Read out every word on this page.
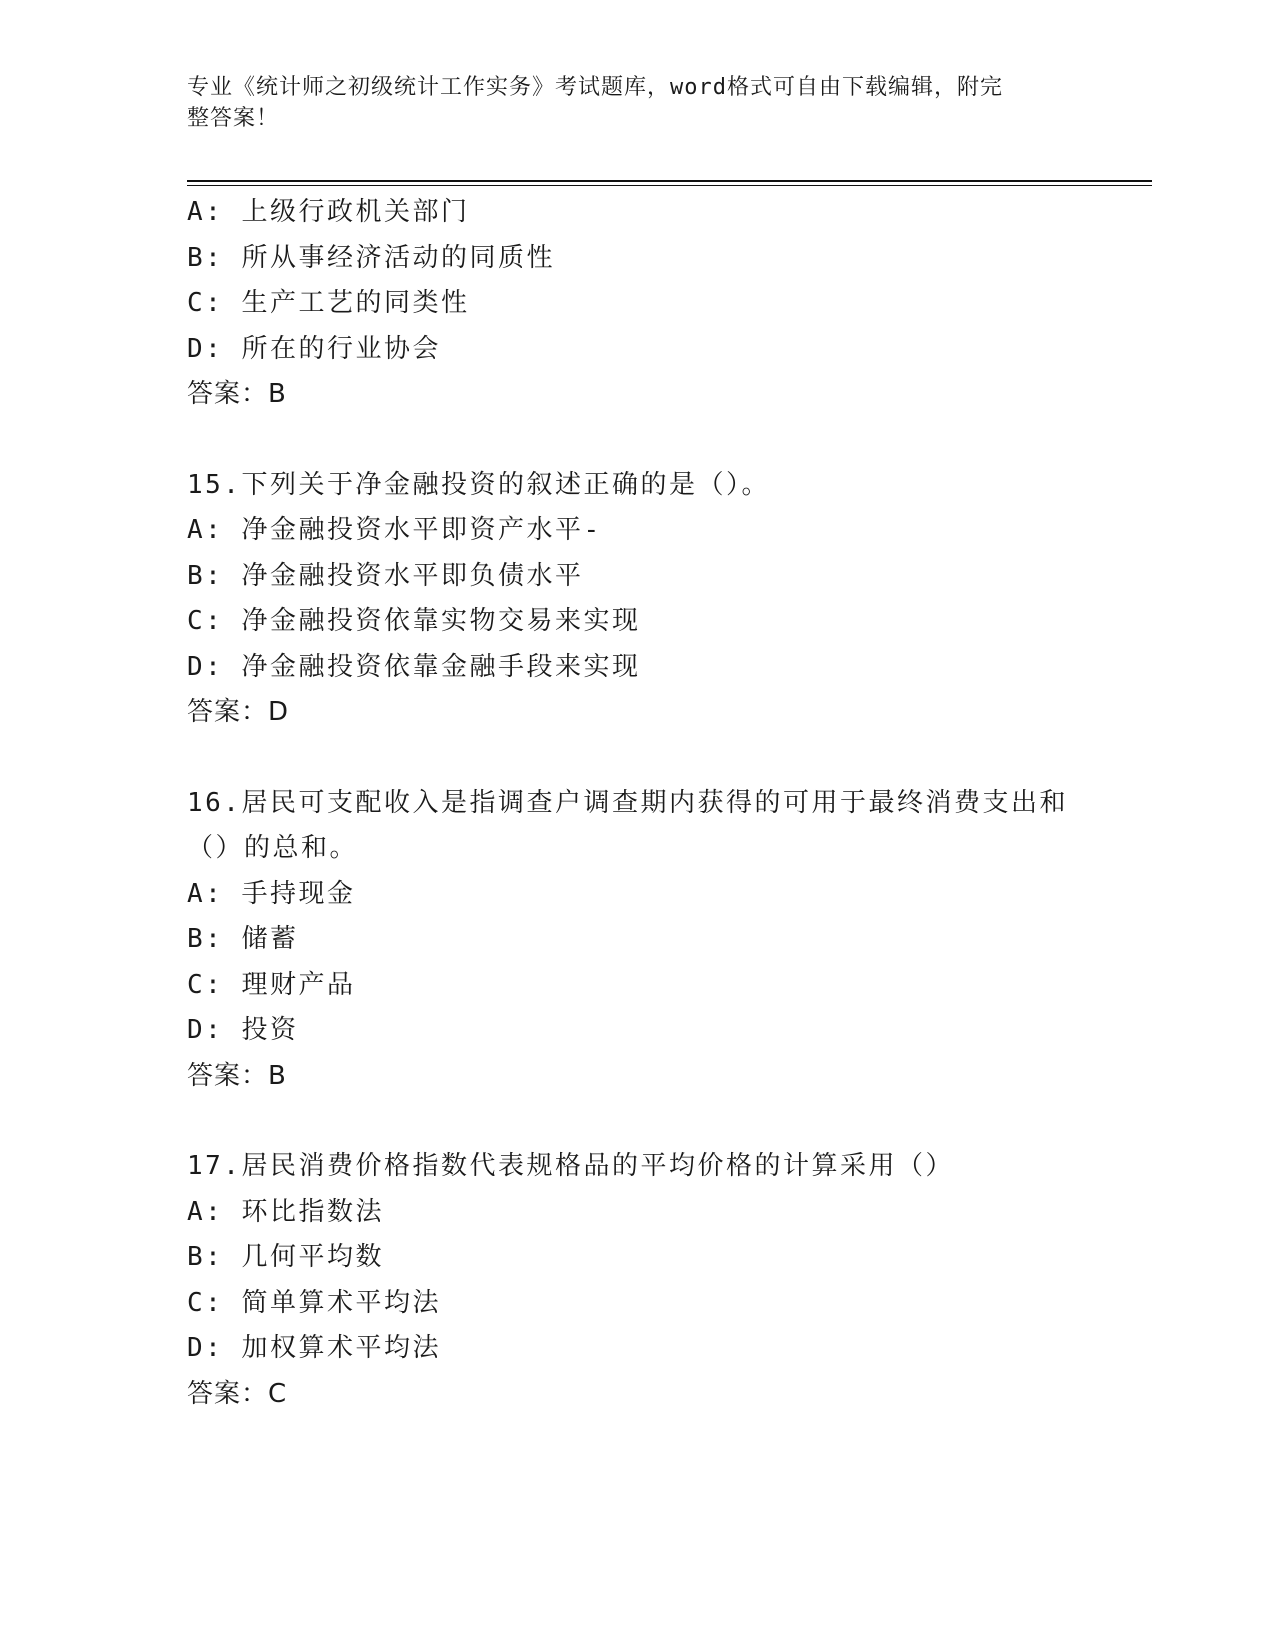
专业《统计师之初级统计工作实务》考试题库，word格式可自由下载编辑，附完
整答案！
A: 上级行政机关部门
B: 所从事经济活动的同质性
C: 生产工艺的同类性
D: 所在的行业协会
答案：B
15.下列关于净金融投资的叙述正确的是（）。
A: 净金融投资水平即资产水平-
B: 净金融投资水平即负债水平
C: 净金融投资依靠实物交易来实现
D: 净金融投资依靠金融手段来实现
答案：D
16.居民可支配收入是指调查户调查期内获得的可用于最终消费支出和
（）的总和。
A: 手持现金
B: 储蓄
C: 理财产品
D: 投资
答案：B
17.居民消费价格指数代表规格品的平均价格的计算采用（）
A: 环比指数法
B: 几何平均数
C: 简单算术平均法
D: 加权算术平均法
答案：C
